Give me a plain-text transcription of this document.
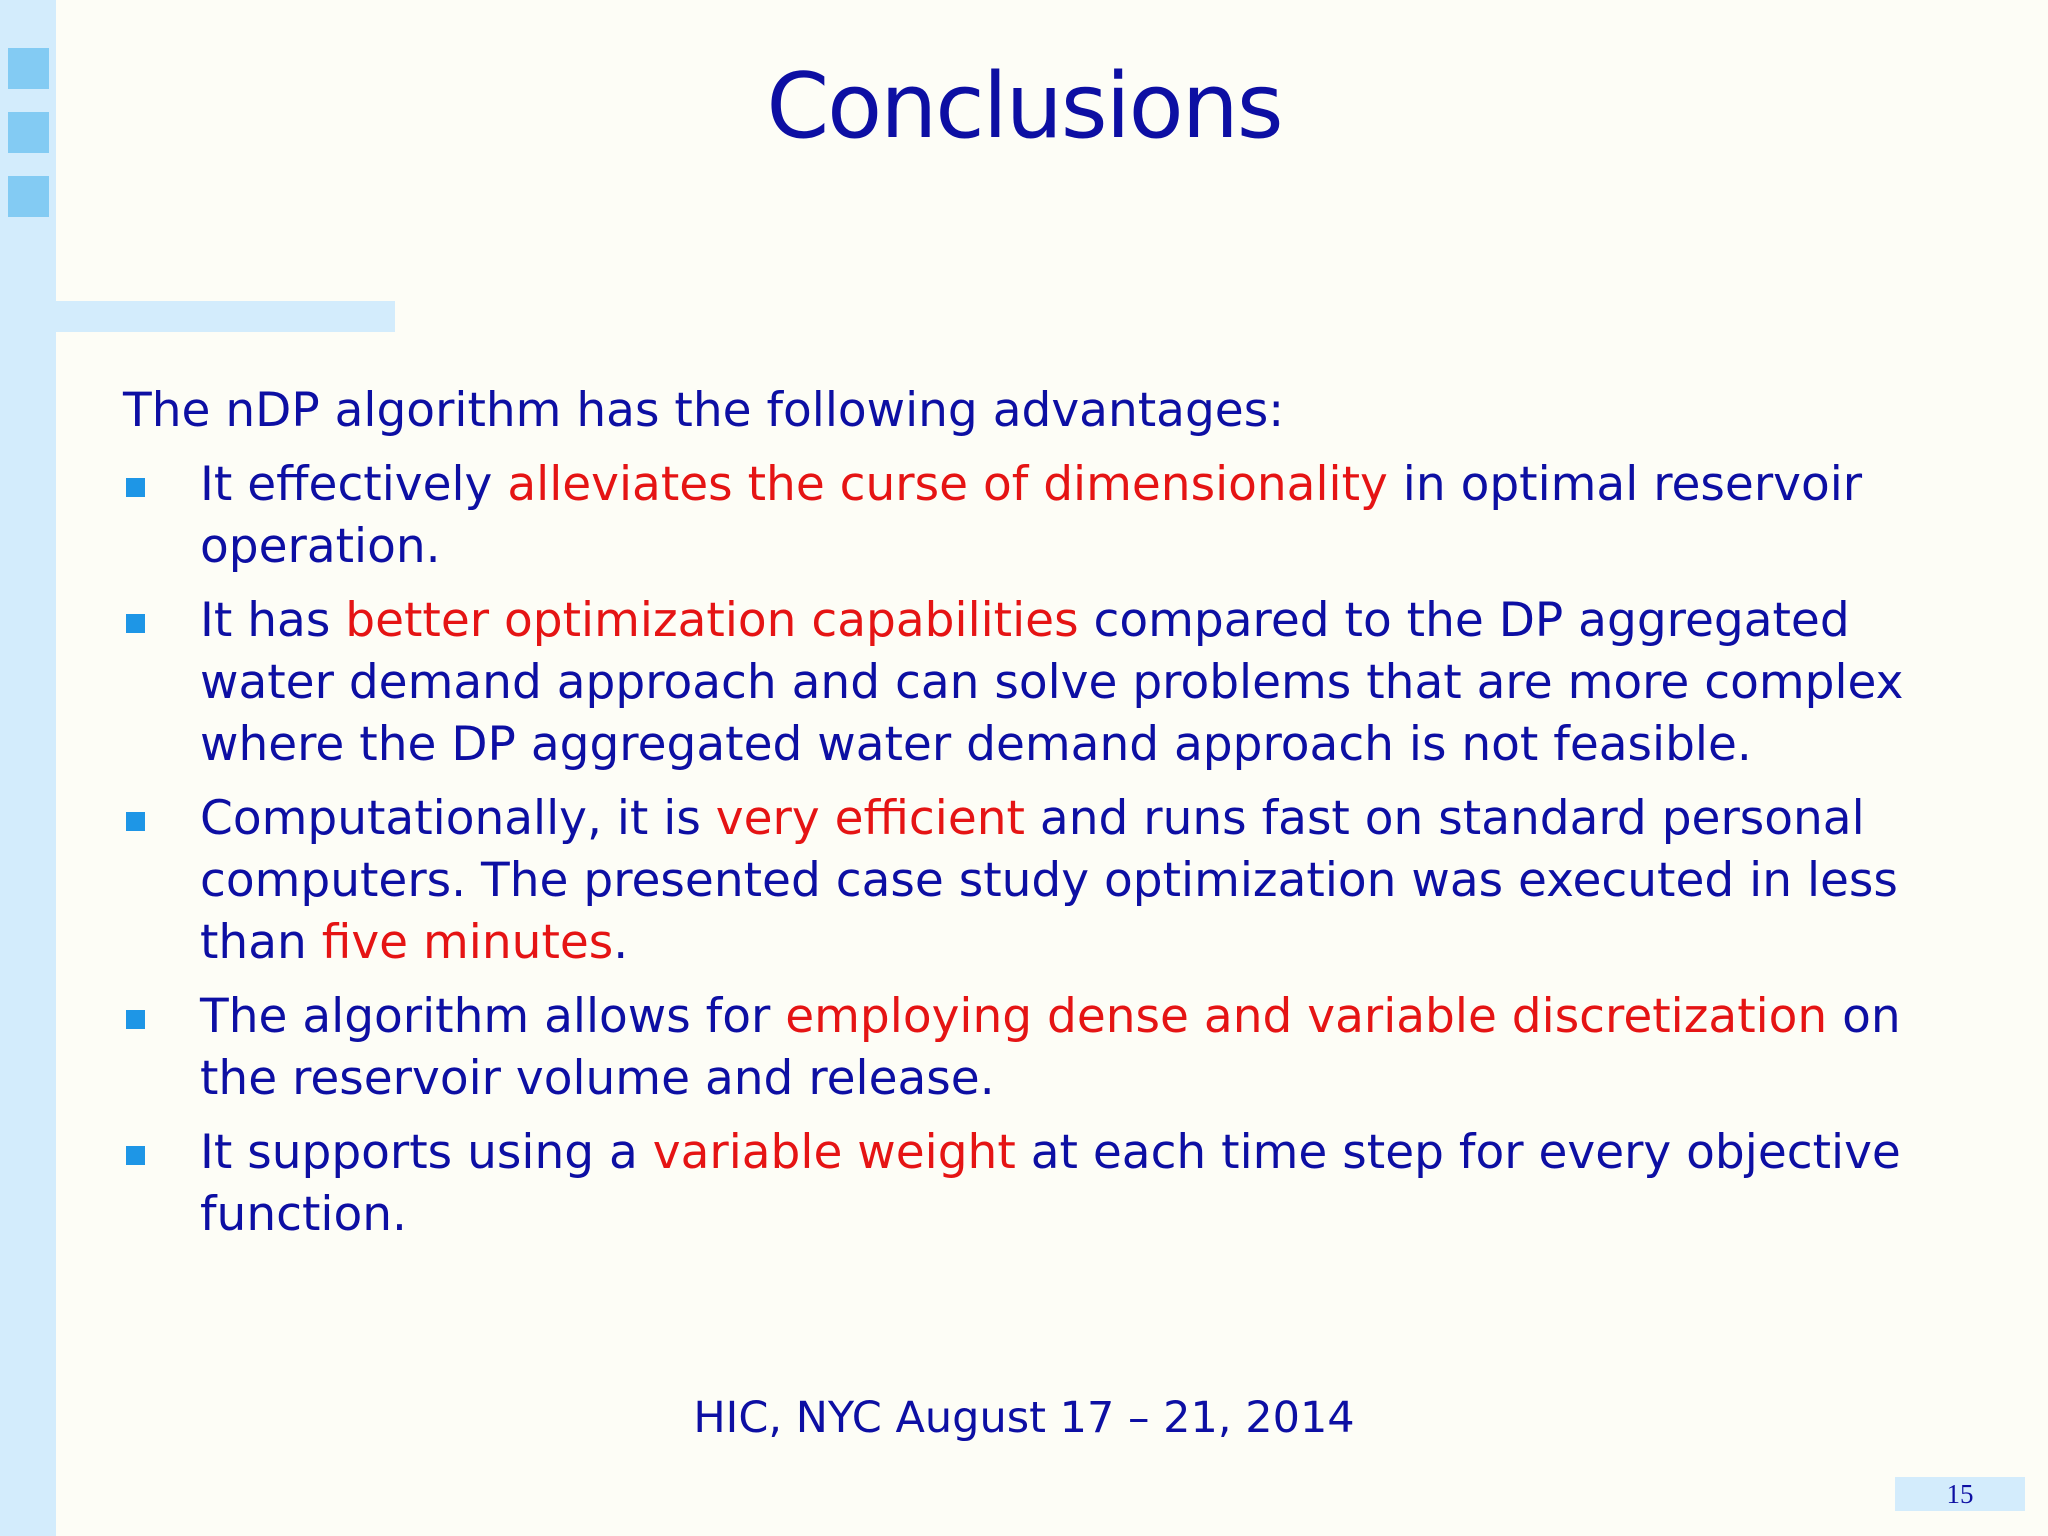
Conclusions

The nDP algorithm has the following advantages:

It effectively alleviates the curse of dimensionality in optimal reservoir operation.
It has better optimization capabilities compared to the DP aggregated water demand approach and can solve problems that are more complex where the DP aggregated water demand approach is not feasible.
Computationally, it is very efficient and runs fast on standard personal computers. The presented case study optimization was executed in less than five minutes.
The algorithm allows for employing dense and variable discretization on the reservoir volume and release.
It supports using a variable weight at each time step for every objective function.
HIC, NYC August 17 – 21, 2014
15
